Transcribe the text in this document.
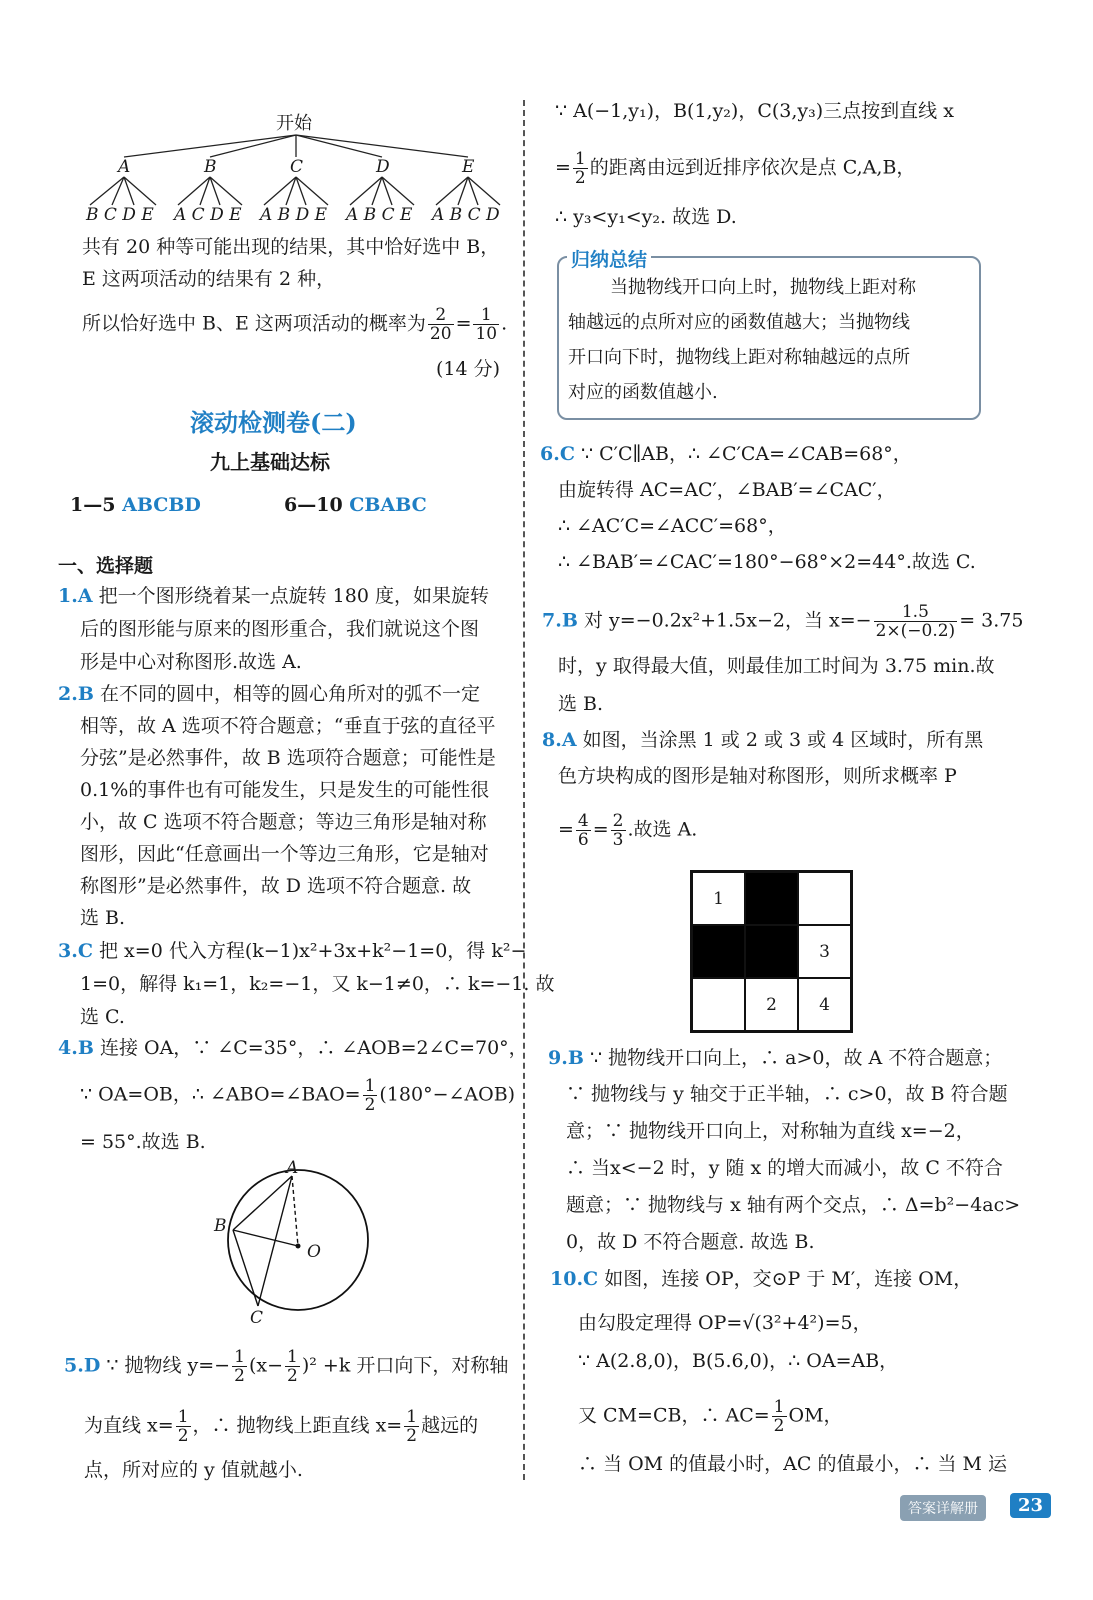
开始
A	B	C	D	E
B C D E A C D E A B D E A B C E A B C D
共有 20 种等可能出现的结果，其中恰好选中 B，
E 这两项活动的结果有 2 种，
所以恰好选中 B、E 这两项活动的概率为 $\frac{2}{20} = \frac{1}{10}$ .
(14 分)
滚动检测卷(二)
九上基础达标
1—5 ABCBD	6—10 CBABC
一、选择题
1.A 把一个图形绕着某一点旋转 180 度，如果旋转
后的图形能与原来的图形重合，我们就说这个图
形是中心对称图形.故选 A.
2.B 在不同的圆中，相等的圆心角所对的弧不一定
相等，故 A 选项不符合题意；“垂直于弦的直径平
分弦”是必然事件，故 B 选项符合题意；可能性是
0.1%的事件也有可能发生，只是发生的可能性很
小，故 C 选项不符合题意；等边三角形是轴对称
图形，因此“任意画出一个等边三角形，它是轴对
称图形”是必然事件，故 D 选项不符合题意. 故
选 B.
3.C 把 x=0 代入方程(k−1)x²+3x+k²−1=0，得 k²−
1=0，解得 k₁=1，k₂=−1，又 k−1≠0，∴ k=−1. 故
选 C.
4.B 连接 OA，∵ ∠C=35°，∴ ∠AOB=2∠C=70°，
∵ OA=OB，∴ ∠ABO=∠BAO= $\frac{1}{2}$ (180°−∠AOB)
= 55°.故选 B.
A
B
O
C
5.D ∵ 抛物线 $y=- \frac{1}{2} (x- \frac{1}{2} )^2 +k$ 开口向下，对称轴
为直线 $x= \frac{1}{2}$ ，∴ 抛物线上距直线 $x= \frac{1}{2}$ 越远的
点，所对应的 y 值就越小.
∵ A(−1,y₁)，B(1,y₂)，C(3,y₃)三点按到直线 x
= $\frac{1}{2}$ 的距离由远到近排序依次是点 C,A,B，
∴ y₃<y₁<y₂. 故选 D.
归纳总结
当抛物线开口向上时，抛物线上距对称
轴越远的点所对应的函数值越大；当抛物线
开口向下时，抛物线上距对称轴越远的点所
对应的函数值越小.
6.C ∵ C′C∥AB，∴ ∠C′CA=∠CAB=68°，
由旋转得 AC=AC′，∠BAB′=∠CAC′，
∴ ∠AC′C=∠ACC′=68°，
∴ ∠BAB′=∠CAC′=180°−68°×2=44°.故选 C.
7.B 对 y=−0.2x²+1.5x−2，当 $x=- \frac{1.5}{2\times(-0.2)} = 3.75$
时，y 取得最大值，则最佳加工时间为 3.75 min.故
选 B.
8.A 如图，当涂黑 1 或 2 或 3 或 4 区域时，所有黑
色方块构成的图形是轴对称图形，则所求概率 P
= $\frac{4}{6} = \frac{2}{3}$ .故选 A.
1
3
2	4
9.B ∵ 抛物线开口向上，∴ a>0，故 A 不符合题意；
∵ 抛物线与 y 轴交于正半轴，∴ c>0，故 B 符合题
意；∵ 抛物线开口向上，对称轴为直线 x=−2，
∴ 当x<−2 时，y 随 x 的增大而减小，故 C 不符合
题意；∵ 抛物线与 x 轴有两个交点，∴ Δ=b²−4ac>
0，故 D 不符合题意. 故选 B.
10.C 如图，连接 OP，交⊙P 于 M′，连接 OM，
由勾股定理得 OP=√(3²+4²)=5，
∵ A(2.8,0)，B(5.6,0)，∴ OA=AB，
又 CM=CB，∴ $AC= \frac{1}{2}$ OM，
∴ 当 OM 的值最小时，AC 的值最小，∴ 当 M 运
答案详解册	23
